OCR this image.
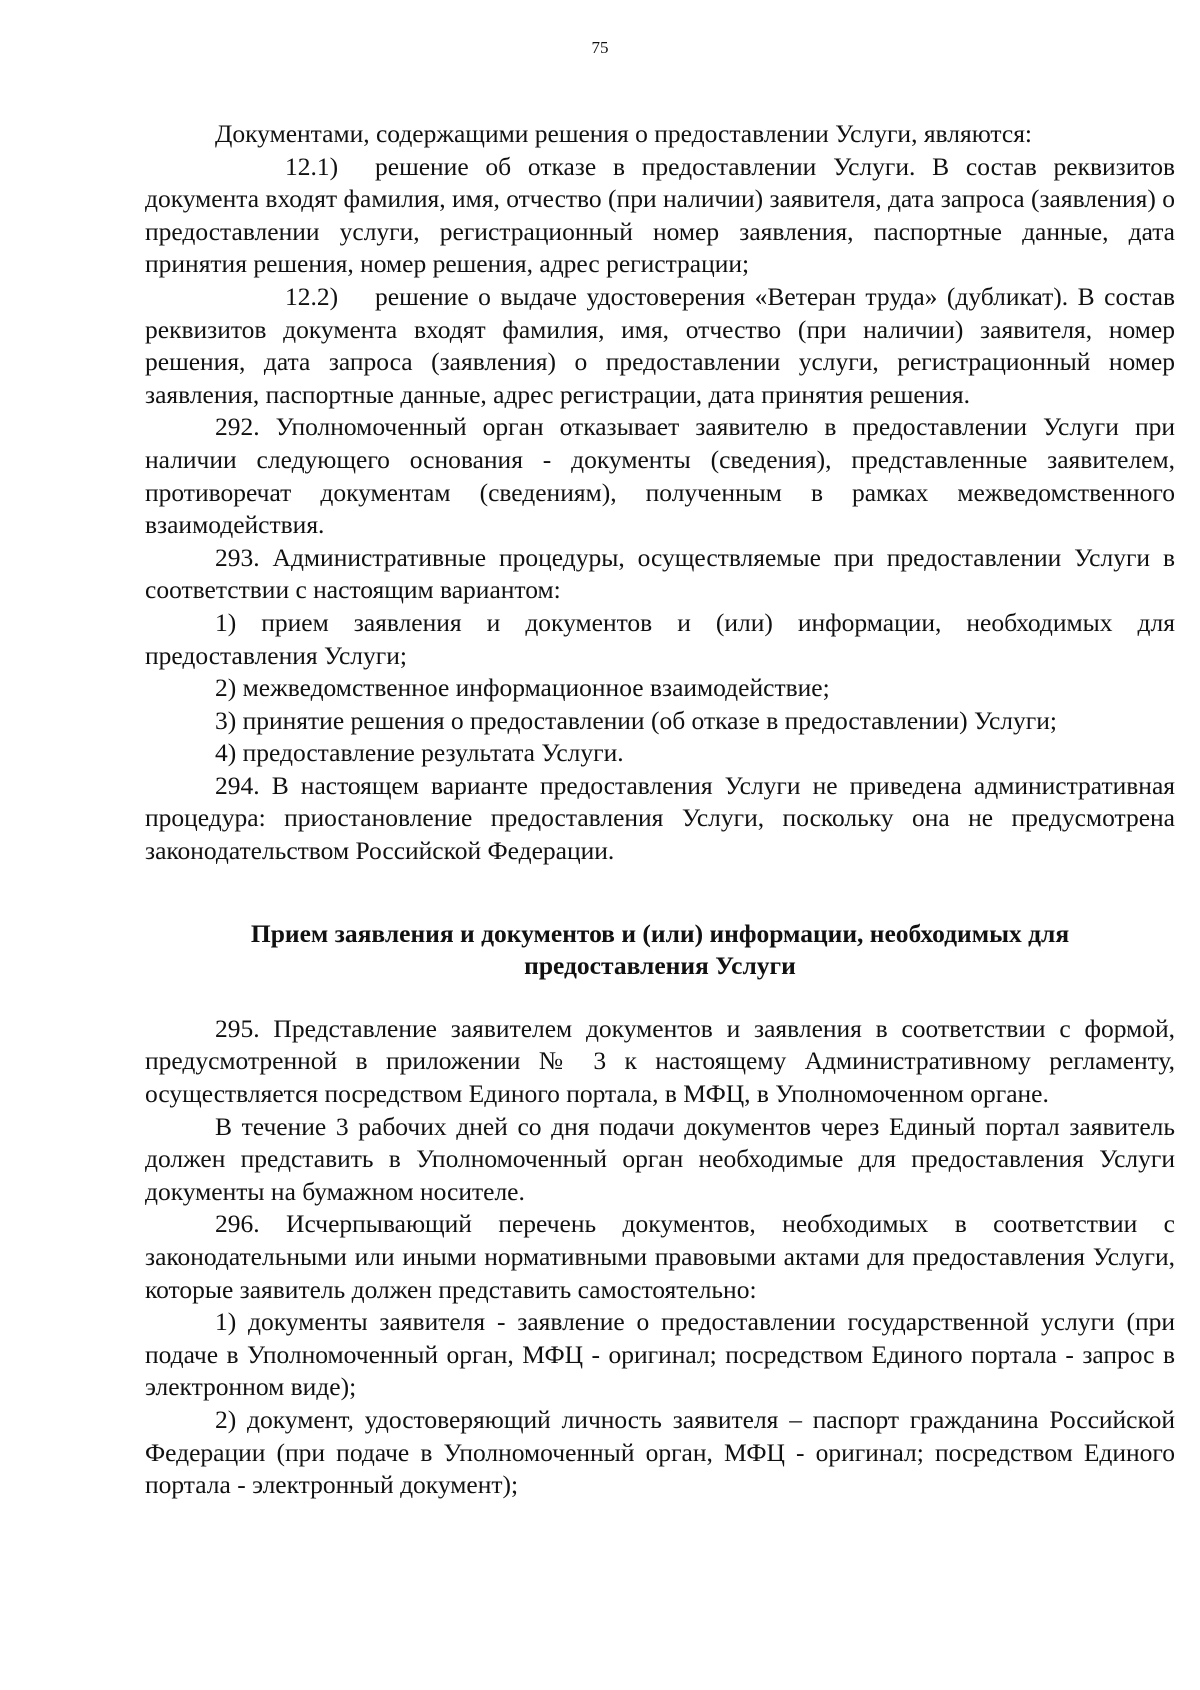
75

Документами, содержащими решения о предоставлении Услуги, являются:

12.1) решение об отказе в предоставлении Услуги. В состав реквизитов документа входят фамилия, имя, отчество (при наличии) заявителя, дата запроса (заявления) о предоставлении услуги, регистрационный номер заявления, паспортные данные, дата принятия решения, номер решения, адрес регистрации;

12.2) решение о выдаче удостоверения «Ветеран труда» (дубликат). В состав реквизитов документа входят фамилия, имя, отчество (при наличии) заявителя, номер решения, дата запроса (заявления) о предоставлении услуги, регистрационный номер заявления, паспортные данные, адрес регистрации, дата принятия решения.

292. Уполномоченный орган отказывает заявителю в предоставлении Услуги при наличии следующего основания - документы (сведения), представленные заявителем, противоречат документам (сведениям), полученным в рамках межведомственного взаимодействия.

293. Административные процедуры, осуществляемые при предоставлении Услуги в соответствии с настоящим вариантом:

1) прием заявления и документов и (или) информации, необходимых для предоставления Услуги;

2) межведомственное информационное взаимодействие;

3) принятие решения о предоставлении (об отказе в предоставлении) Услуги;

4) предоставление результата Услуги.

294. В настоящем варианте предоставления Услуги не приведена административная процедура: приостановление предоставления Услуги, поскольку она не предусмотрена законодательством Российской Федерации.

Прием заявления и документов и (или) информации, необходимых для предоставления Услуги

295. Представление заявителем документов и заявления в соответствии с формой, предусмотренной в приложении № 3 к настоящему Административному регламенту, осуществляется посредством Единого портала, в МФЦ, в Уполномоченном органе.

В течение 3 рабочих дней со дня подачи документов через Единый портал заявитель должен представить в Уполномоченный орган необходимые для предоставления Услуги документы на бумажном носителе.

296. Исчерпывающий перечень документов, необходимых в соответствии с законодательными или иными нормативными правовыми актами для предоставления Услуги, которые заявитель должен представить самостоятельно:

1) документы заявителя - заявление о предоставлении государственной услуги (при подаче в Уполномоченный орган, МФЦ - оригинал; посредством Единого портала - запрос в электронном виде);

2) документ, удостоверяющий личность заявителя – паспорт гражданина Российской Федерации (при подаче в Уполномоченный орган, МФЦ - оригинал; посредством Единого портала - электронный документ);
